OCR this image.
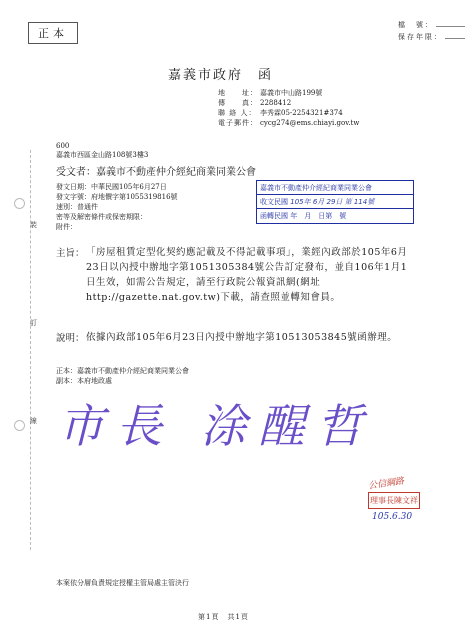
正本
檔　號：
保存年限：
裝
訂
線
嘉義市政府　函
地　　址： 嘉義市中山路199號
傳　　真： 2288412
聯 絡 人： 李秀霖05-2254321#374
電子郵件： cycg274@ems.chiayi.gov.tw
600
嘉義市西區金山路108號3樓3
受文者： 嘉義市不動產仲介經紀商業同業公會
發文日期：中華民國105年6月27日
發文字號：府地價字第1055319816號
速別：普通件
密等及解密條件或保密期限：
附件：
嘉義市不動產仲介經紀商業同業公會
收文民國 105年 6月 29日 第 114號
函轉民國 年　月　日第　號
主旨： 「房屋租賃定型化契約應記載及不得記載事項」，業經內政部於105年6月23日以內授中辦地字第1051305384號公告訂定發布，並自106年1月1日生效，如需公告規定，請至行政院公報資訊網(網址 http://gazette.nat.gov.tw)下載，請查照並轉知會員。
說明： 依據內政部105年6月23日內授中辦地字第10513053845號函辦理。
正本：嘉義市不動產仲介經紀商業同業公會
副本：本府地政處
市長 涂醒哲
公信綱路
理事長陳文祥
105.6.30
本案依分層負責規定授權主管局處主管決行
第1頁　共1頁
